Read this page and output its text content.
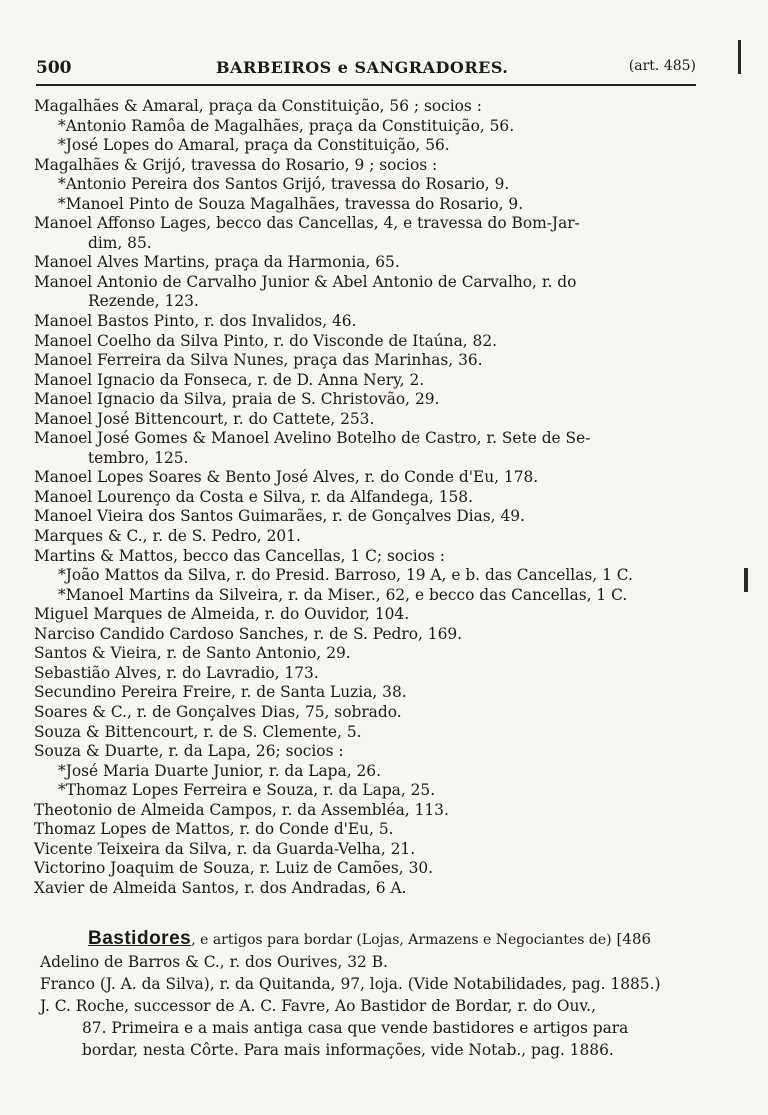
500	BARBEIROS e SANGRADORES.	(art. 485)
Magalhães & Amaral, praça da Constituição, 56 ; socios :
*Antonio Ramôa de Magalhães, praça da Constituição, 56.
*José Lopes do Amaral, praça da Constituição, 56.
Magalhães & Grijó, travessa do Rosario, 9 ; socios :
*Antonio Pereira dos Santos Grijó, travessa do Rosario, 9.
*Manoel Pinto de Souza Magalhães, travessa do Rosario, 9.
Manoel Affonso Lages, becco das Cancellas, 4, e travessa do Bom-Jar-
dim, 85.
Manoel Alves Martins, praça da Harmonia, 65.
Manoel Antonio de Carvalho Junior & Abel Antonio de Carvalho, r. do
Rezende, 123.
Manoel Bastos Pinto, r. dos Invalidos, 46.
Manoel Coelho da Silva Pinto, r. do Visconde de Itaúna, 82.
Manoel Ferreira da Silva Nunes, praça das Marinhas, 36.
Manoel Ignacio da Fonseca, r. de D. Anna Nery, 2.
Manoel Ignacio da Silva, praia de S. Christovão, 29.
Manoel José Bittencourt, r. do Cattete, 253.
Manoel José Gomes & Manoel Avelino Botelho de Castro, r. Sete de Se-
tembro, 125.
Manoel Lopes Soares & Bento José Alves, r. do Conde d'Eu, 178.
Manoel Lourenço da Costa e Silva, r. da Alfandega, 158.
Manoel Vieira dos Santos Guimarães, r. de Gonçalves Dias, 49.
Marques & C., r. de S. Pedro, 201.
Martins & Mattos, becco das Cancellas, 1 C; socios :
*João Mattos da Silva, r. do Presid. Barroso, 19 A, e b. das Cancellas, 1 C.
*Manoel Martins da Silveira, r. da Miser., 62, e becco das Cancellas, 1 C.
Miguel Marques de Almeida, r. do Ouvidor, 104.
Narciso Candido Cardoso Sanches, r. de S. Pedro, 169.
Santos & Vieira, r. de Santo Antonio, 29.
Sebastião Alves, r. do Lavradio, 173.
Secundino Pereira Freire, r. de Santa Luzia, 38.
Soares & C., r. de Gonçalves Dias, 75, sobrado.
Souza & Bittencourt, r. de S. Clemente, 5.
Souza & Duarte, r. da Lapa, 26; socios :
*José Maria Duarte Junior, r. da Lapa, 26.
*Thomaz Lopes Ferreira e Souza, r. da Lapa, 25.
Theotonio de Almeida Campos, r. da Assembléa, 113.
Thomaz Lopes de Mattos, r. do Conde d'Eu, 5.
Vicente Teixeira da Silva, r. da Guarda-Velha, 21.
Victorino Joaquim de Souza, r. Luiz de Camões, 30.
Xavier de Almeida Santos, r. dos Andradas, 6 A.
Bastidores, e artigos para bordar (Lojas, Armazens e Negociantes de) [486
Adelino de Barros & C., r. dos Ourives, 32 B.
Franco (J. A. da Silva), r. da Quitanda, 97, loja. (Vide Notabilidades, pag. 1885.)
J. C. Roche, successor de A. C. Favre, Ao Bastidor de Bordar, r. do Ouv.,
87. Primeira e a mais antiga casa que vende bastidores e artigos para
bordar, nesta Côrte. Para mais informações, vide Notab., pag. 1886.
